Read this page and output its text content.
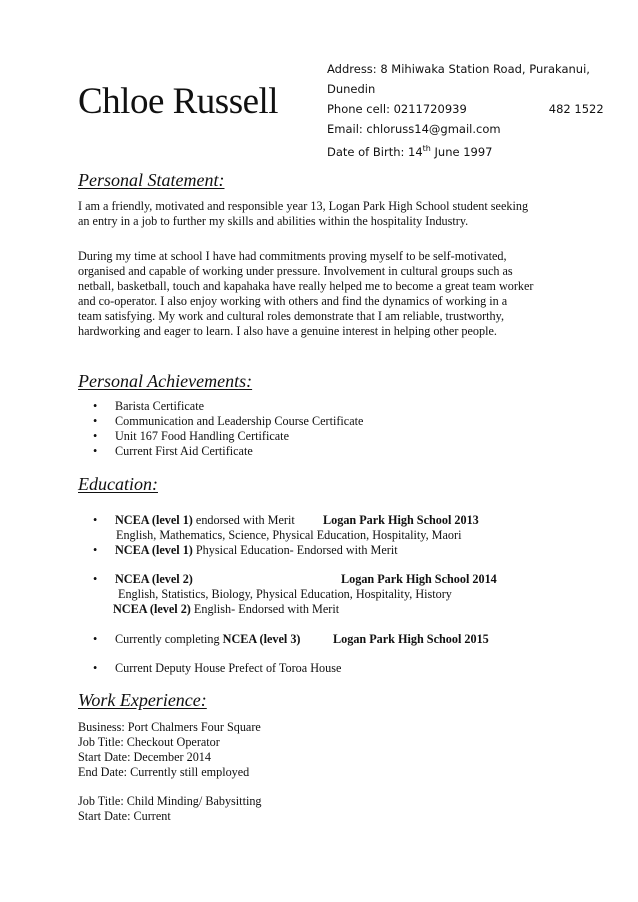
Chloe Russell
Address: 8 Mihiwaka Station Road, Purakanui,
Dunedin
Phone cell: 0211720939	482 1522
Email: chloruss14@gmail.com
Date of Birth: 14th June 1997
Personal Statement:
I am a friendly, motivated and responsible year 13, Logan Park High School student seeking
an entry in a job to further my skills and abilities within the hospitality Industry.
During my time at school I have had commitments proving myself to be self-motivated,
organised and capable of working under pressure. Involvement in cultural groups such as
netball, basketball, touch and kapahaka have really helped me to become a great team worker
and co-operator. I also enjoy working with others and find the dynamics of working in a
team satisfying. My work and cultural roles demonstrate that I am reliable, trustworthy,
hardworking and eager to learn. I also have a genuine interest in helping other people.
Personal Achievements:
• Barista Certificate
• Communication and Leadership Course Certificate
• Unit 167 Food Handling Certificate
• Current First Aid Certificate
Education:
• NCEA (level 1) endorsed with Merit Logan Park High School 2013
English, Mathematics, Science, Physical Education, Hospitality, Maori
• NCEA (level 1) Physical Education- Endorsed with Merit
• NCEA (level 2)	Logan Park High School 2014
English, Statistics, Biology, Physical Education, Hospitality, History
NCEA (level 2) English- Endorsed with Merit
• Currently completing NCEA (level 3)	Logan Park High School 2015
• Current Deputy House Prefect of Toroa House
Work Experience:
Business: Port Chalmers Four Square
Job Title: Checkout Operator
Start Date: December 2014
End Date: Currently still employed
Job Title: Child Minding/ Babysitting
Start Date: Current
